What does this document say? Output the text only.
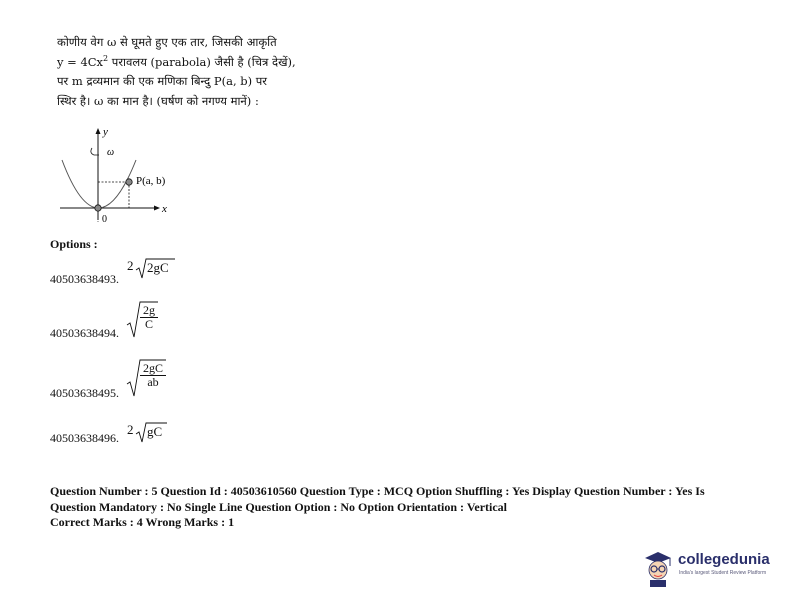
कोणीय वेग ω से घूमते हुए एक तार, जिसकी आकृति
$y = 4Cx^2$ परावलय (parabola) जैसी है (चित्र देखें),
पर m द्रव्यमान की एक मणिका बिन्दु P(a, b) पर
स्थिर है। ω का मान है। (घर्षण को नगण्य मानें) :
y
ω
x
P(a, b)
0
Options :
40503638493.
2 2gC
40503638494.
$\frac{2g}{C}$
40503638495.
$\frac{2gC}{ab}$
40503638496.
2 gC
Question Number : 5 Question Id : 40503610560 Question Type : MCQ Option Shuffling : Yes Display Question Number : Yes Is
Question Mandatory : No Single Line Question Option : No Option Orientation : Vertical
Correct Marks : 4 Wrong Marks : 1
collegedunia
India's largest Student Review Platform
